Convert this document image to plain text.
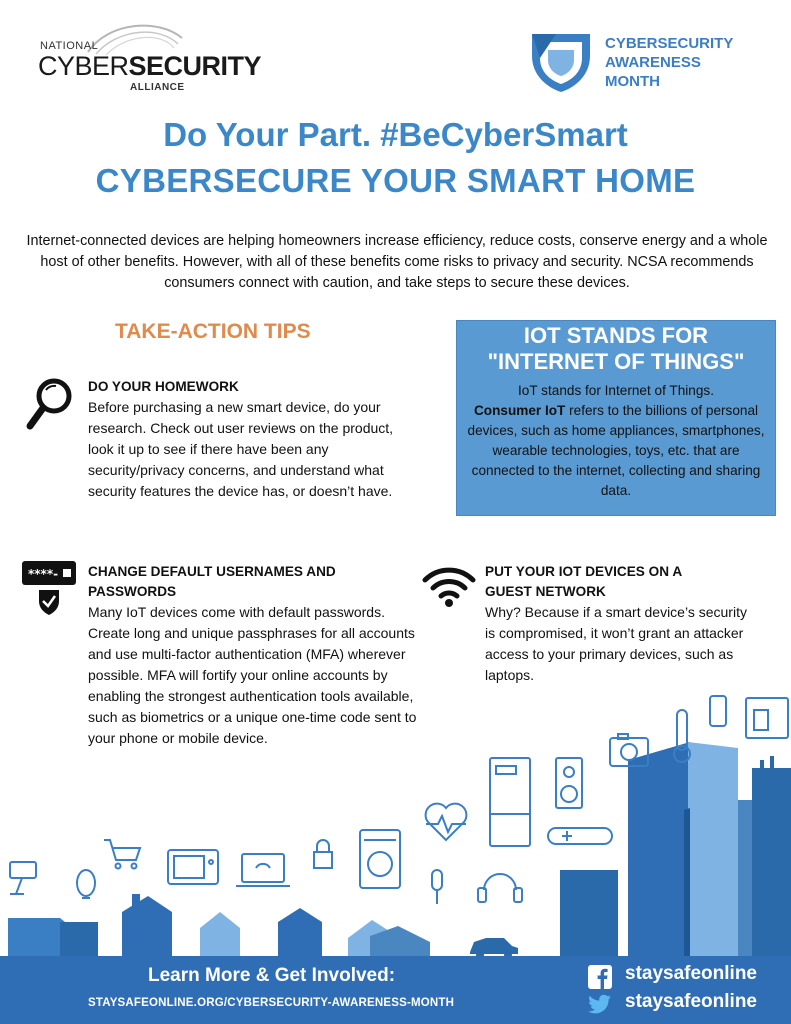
NATIONAL
CYBERSECURITY
ALLIANCE
CYBERSECURITY
AWARENESS
MONTH
Do Your Part. #BeCyberSmart
CYBERSECURE YOUR SMART HOME
Internet-connected devices are helping homeowners increase efficiency, reduce costs, conserve energy and a whole host of other benefits. However, with all of these benefits come risks to privacy and security. NCSA recommends consumers connect with caution, and take steps to secure these devices.
TAKE-ACTION TIPS	IOT STANDS FOR
"INTERNET OF THINGS"
IoT stands for Internet of Things.
Consumer IoT refers to the billions of personal devices, such as home appliances, smartphones, wearable technologies, toys, etc. that are connected to the internet, collecting and sharing data.
DO YOUR HOMEWORK
Before purchasing a new smart device, do your research. Check out user reviews on the product, look it up to see if there have been any security/privacy concerns, and understand what security features the device has, or doesn’t have.
****- CHANGE DEFAULT USERNAMES AND PASSWORDS
Many IoT devices come with default passwords. Create long and unique passphrases for all accounts and use multi-factor authentication (MFA) wherever possible. MFA will fortify your online accounts by enabling the strongest authentication tools available, such as biometrics or a unique one-time code sent to your phone or mobile device.
PUT YOUR IOT DEVICES ON A GUEST NETWORK
Why? Because if a smart device’s security is compromised, it won’t grant an attacker access to your primary devices, such as laptops.
Learn More & Get Involved:
STAYSAFEONLINE.ORG/CYBERSECURITY-AWARENESS-MONTH
staysafeonline
staysafeonline
